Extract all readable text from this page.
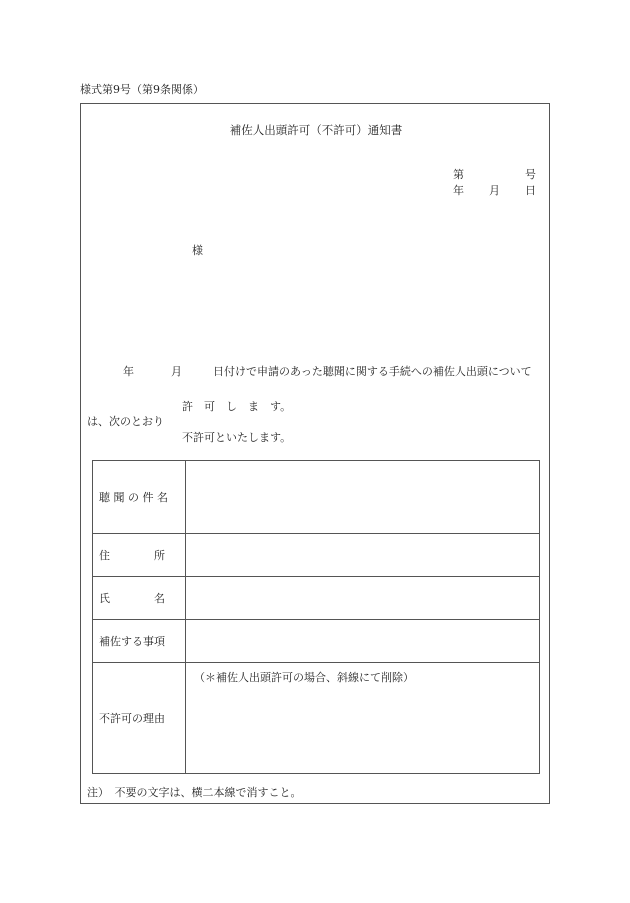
様式第9号（第9条関係）
補佐人出頭許可（不許可）通知書
第	号
年 月 日
様
年	月	日付けで申請のあった聴聞に関する手続への補佐人出頭について
は、次のとおり
許　可　し　ま　す。
不許可といたします。
聴 聞 の 件 名	
住　　　　所	
氏　　　　名	
補佐する事項	
不許可の理由	（＊補佐人出頭許可の場合、斜線にて削除）
注）　不要の文字は、横二本線で消すこと。
